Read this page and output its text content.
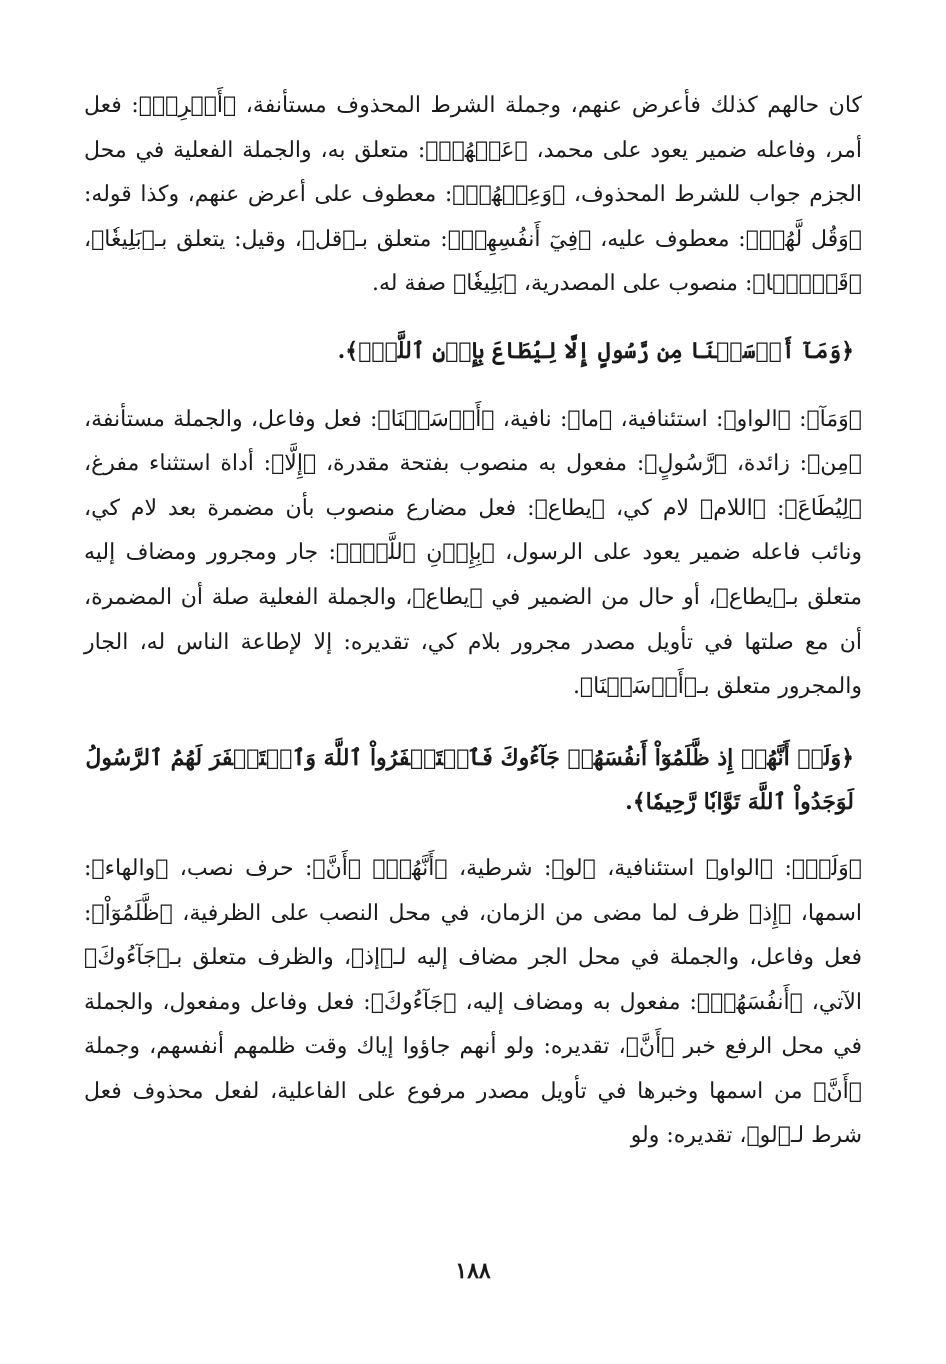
كان حالهم كذلك فأعرض عنهم، وجملة الشرط المحذوف مستأنفة، ﴿أَعۡرِضۡ﴾: فعل أمر، وفاعله ضمير يعود على محمد، ﴿عَنۡهُمۡ﴾: متعلق به، والجملة الفعلية في محل الجزم جواب للشرط المحذوف، ﴿وَعِظۡهُمۡ﴾: معطوف على أعرض عنهم، وكذا قوله: ﴿وَقُل لَّهُمۡ﴾: معطوف عليه، ﴿فِيٓ أَنفُسِهِمۡ﴾: متعلق بـ﴿قل﴾، وقيل: يتعلق بـ﴿بَلِيغٗا﴾، ﴿قَوۡلَۢا﴾: منصوب على المصدرية، ﴿بَلِيغٗا﴾ صفة له.

﴿وَمَآ أَرۡسَلۡنَا مِن رَّسُولٍ إِلَّا لِيُطَاعَ بِإِذۡنِ ٱللَّهِۚ﴾.

﴿وَمَآ﴾: ﴿الواو﴾: استئنافية، ﴿ما﴾: نافية، ﴿أَرۡسَلۡنَا﴾: فعل وفاعل، والجملة مستأنفة، ﴿مِن﴾: زائدة، ﴿رَّسُولٍ﴾: مفعول به منصوب بفتحة مقدرة، ﴿إِلَّا﴾: أداة استثناء مفرغ، ﴿لِيُطَاعَ﴾: ﴿اللام﴾ لام كي، ﴿يطاع﴾: فعل مضارع منصوب بأن مضمرة بعد لام كي، ونائب فاعله ضمير يعود على الرسول، ﴿بِإِذۡنِ ٱللَّهِۚ﴾: جار ومجرور ومضاف إليه متعلق بـ﴿يطاع﴾، أو حال من الضمير في ﴿يطاع﴾، والجملة الفعلية صلة أن المضمرة، أن مع صلتها في تأويل مصدر مجرور بلام كي، تقديره: إلا لإطاعة الناس له، الجار والمجرور متعلق بـ﴿أَرۡسَلۡنَا﴾.

﴿وَلَوۡ أَنَّهُمۡ إِذ ظَّلَمُوٓاْ أَنفُسَهُمۡ جَآءُوكَ فَٱسۡتَغۡفَرُواْ ٱللَّهَ وَٱسۡتَغۡفَرَ لَهُمُ ٱلرَّسُولُ لَوَجَدُواْ ٱللَّهَ تَوَّابٗا رَّحِيمٗا﴾.

﴿وَلَوۡ﴾: ﴿الواو﴾ استئنافية، ﴿لو﴾: شرطية، ﴿أَنَّهُمۡ﴾ ﴿أَنَّ﴾: حرف نصب، ﴿والهاء﴾: اسمها، ﴿إِذ﴾ ظرف لما مضى من الزمان، في محل النصب على الظرفية، ﴿ظَّلَمُوٓاْ﴾: فعل وفاعل، والجملة في محل الجر مضاف إليه لـ﴿إذ﴾، والظرف متعلق بـ﴿جَآءُوكَ﴾ الآتي، ﴿أَنفُسَهُمۡ﴾: مفعول به ومضاف إليه، ﴿جَآءُوكَ﴾: فعل وفاعل ومفعول، والجملة في محل الرفع خبر ﴿أَنَّ﴾، تقديره: ولو أنهم جاؤوا إياك وقت ظلمهم أنفسهم، وجملة ﴿أَنَّ﴾ من اسمها وخبرها في تأويل مصدر مرفوع على الفاعلية، لفعل محذوف فعل شرط لـ﴿لو﴾، تقديره: ولو

١٨٨
